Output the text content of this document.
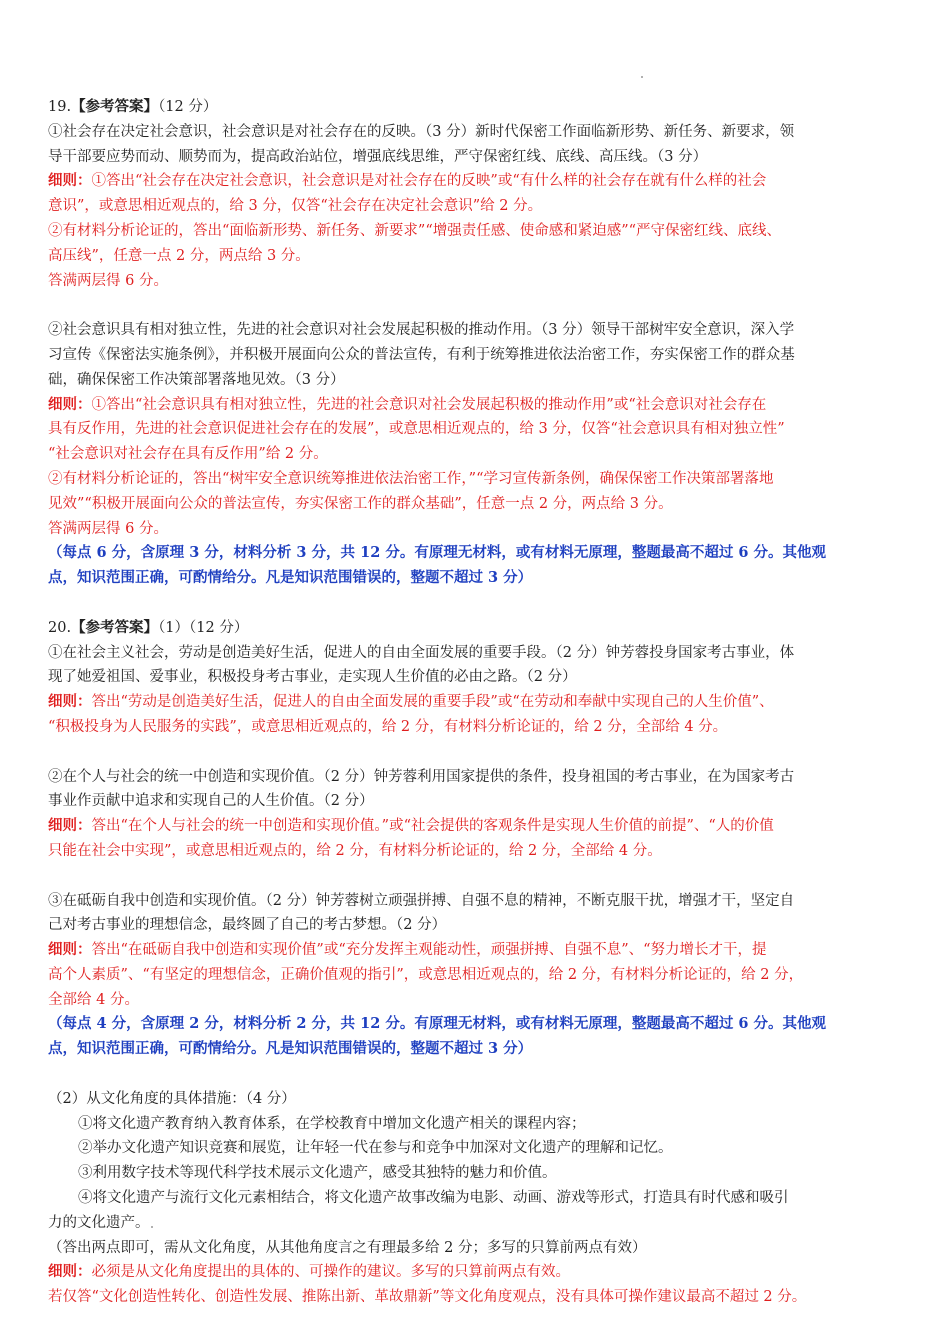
19.【参考答案】（12 分）
①社会存在决定社会意识，社会意识是对社会存在的反映。（3 分）新时代保密工作面临新形势、新任务、新要求，领
导干部要应势而动、顺势而为，提高政治站位，增强底线思维，严守保密红线、底线、高压线。（3 分）
细则：①答出“社会存在决定社会意识，社会意识是对社会存在的反映”或“有什么样的社会存在就有什么样的社会
意识”，或意思相近观点的，给 3 分，仅答“社会存在决定社会意识”给 2 分。
②有材料分析论证的，答出“面临新形势、新任务、新要求”“增强责任感、使命感和紧迫感”“严守保密红线、底线、
高压线”，任意一点 2 分，两点给 3 分。
答满两层得 6 分。
②社会意识具有相对独立性，先进的社会意识对社会发展起积极的推动作用。（3 分）领导干部树牢安全意识，深入学
习宣传《保密法实施条例》，并积极开展面向公众的普法宣传，有利于统筹推进依法治密工作，夯实保密工作的群众基
础，确保保密工作决策部署落地见效。（3 分）
细则：①答出“社会意识具有相对独立性，先进的社会意识对社会发展起积极的推动作用”或“社会意识对社会存在
具有反作用，先进的社会意识促进社会存在的发展”，或意思相近观点的，给 3 分，仅答“社会意识具有相对独立性”
“社会意识对社会存在具有反作用”给 2 分。
②有材料分析论证的，答出“树牢安全意识统筹推进依法治密工作，”“学习宣传新条例，确保保密工作决策部署落地
见效”“积极开展面向公众的普法宣传，夯实保密工作的群众基础”，任意一点 2 分，两点给 3 分。
答满两层得 6 分。
（每点 6 分，含原理 3 分，材料分析 3 分，共 12 分。有原理无材料，或有材料无原理，整题最高不超过 6 分。其他观
点，知识范围正确，可酌情给分。凡是知识范围错误的，整题不超过 3 分）
20.【参考答案】（1）（12 分）
①在社会主义社会，劳动是创造美好生活，促进人的自由全面发展的重要手段。（2 分）钟芳蓉投身国家考古事业，体
现了她爱祖国、爱事业，积极投身考古事业，走实现人生价值的必由之路。（2 分）
细则：答出“劳动是创造美好生活，促进人的自由全面发展的重要手段”或“在劳动和奉献中实现自己的人生价值”、
“积极投身为人民服务的实践”，或意思相近观点的，给 2 分，有材料分析论证的，给 2 分，全部给 4 分。
②在个人与社会的统一中创造和实现价值。（2 分）钟芳蓉利用国家提供的条件，投身祖国的考古事业，在为国家考古
事业作贡献中追求和实现自己的人生价值。（2 分）
细则：答出“在个人与社会的统一中创造和实现价值。”或“社会提供的客观条件是实现人生价值的前提”、“人的价值
只能在社会中实现”，或意思相近观点的，给 2 分，有材料分析论证的，给 2 分，全部给 4 分。
③在砥砺自我中创造和实现价值。（2 分）钟芳蓉树立顽强拼搏、自强不息的精神，不断克服干扰，增强才干，坚定自
己对考古事业的理想信念，最终圆了自己的考古梦想。（2 分）
细则：答出“在砥砺自我中创造和实现价值”或“充分发挥主观能动性，顽强拼搏、自强不息”、“努力增长才干，提
高个人素质”、“有坚定的理想信念，正确价值观的指引”，或意思相近观点的，给 2 分，有材料分析论证的，给 2 分，
全部给 4 分。
（每点 4 分，含原理 2 分，材料分析 2 分，共 12 分。有原理无材料，或有材料无原理，整题最高不超过 6 分。其他观
点，知识范围正确，可酌情给分。凡是知识范围错误的，整题不超过 3 分）
（2）从文化角度的具体措施：（4 分）
①将文化遗产教育纳入教育体系，在学校教育中增加文化遗产相关的课程内容；
②举办文化遗产知识竞赛和展览，让年轻一代在参与和竞争中加深对文化遗产的理解和记忆。
③利用数字技术等现代科学技术展示文化遗产，感受其独特的魅力和价值。
④将文化遗产与流行文化元素相结合，将文化遗产故事改编为电影、动画、游戏等形式，打造具有时代感和吸引
力的文化遗产。
（答出两点即可，需从文化角度，从其他角度言之有理最多给 2 分；多写的只算前两点有效）
细则：必须是从文化角度提出的具体的、可操作的建议。多写的只算前两点有效。
若仅答“文化创造性转化、创造性发展、推陈出新、革故鼎新”等文化角度观点，没有具体可操作建议最高不超过 2 分。
